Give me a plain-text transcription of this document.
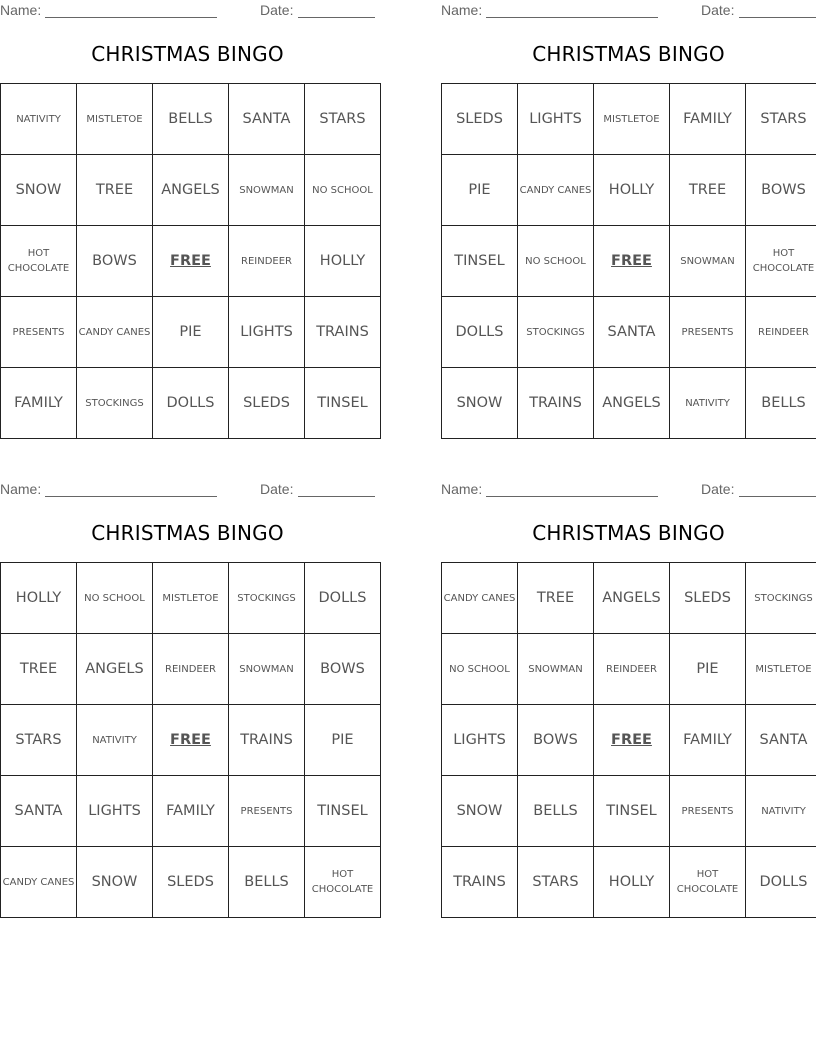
Name:	Date:
CHRISTMAS BINGO
NATIVITY	MISTLETOE	BELLS	SANTA	STARS
SNOW	TREE	ANGELS	SNOWMAN	NO SCHOOL
HOT CHOCOLATE	BOWS	FREE	REINDEER	HOLLY
PRESENTS	CANDY CANES	PIE	LIGHTS	TRAINS
FAMILY	STOCKINGS	DOLLS	SLEDS	TINSEL
Name:	Date:
CHRISTMAS BINGO
SLEDS	LIGHTS	MISTLETOE	FAMILY	STARS
PIE	CANDY CANES	HOLLY	TREE	BOWS
TINSEL	NO SCHOOL	FREE	SNOWMAN	HOT CHOCOLATE
DOLLS	STOCKINGS	SANTA	PRESENTS	REINDEER
SNOW	TRAINS	ANGELS	NATIVITY	BELLS
Name:	Date:
CHRISTMAS BINGO
HOLLY	NO SCHOOL	MISTLETOE	STOCKINGS	DOLLS
TREE	ANGELS	REINDEER	SNOWMAN	BOWS
STARS	NATIVITY	FREE	TRAINS	PIE
SANTA	LIGHTS	FAMILY	PRESENTS	TINSEL
CANDY CANES	SNOW	SLEDS	BELLS	HOT CHOCOLATE
Name:	Date:
CHRISTMAS BINGO
CANDY CANES	TREE	ANGELS	SLEDS	STOCKINGS
NO SCHOOL	SNOWMAN	REINDEER	PIE	MISTLETOE
LIGHTS	BOWS	FREE	FAMILY	SANTA
SNOW	BELLS	TINSEL	PRESENTS	NATIVITY
TRAINS	STARS	HOLLY	HOT CHOCOLATE	DOLLS
